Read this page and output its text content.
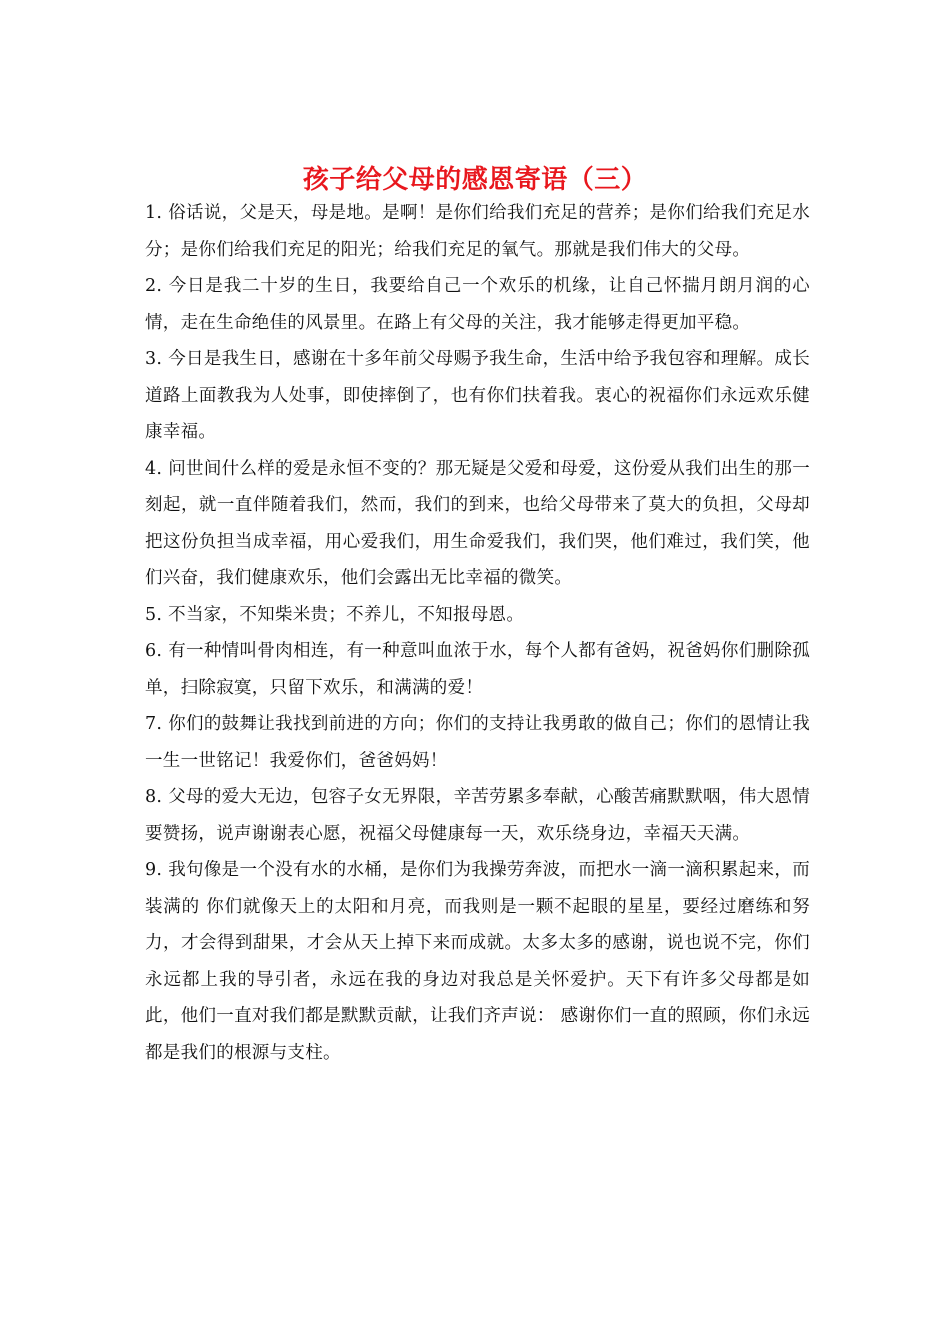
孩子给父母的感恩寄语（三）

1. 俗话说，父是天，母是地。是啊！是你们给我们充足的营养；是你们给我们充足水分；是你们给我们充足的阳光；给我们充足的氧气。那就是我们伟大的父母。

2. 今日是我二十岁的生日，我要给自己一个欢乐的机缘，让自己怀揣月朗月润的心情，走在生命绝佳的风景里。在路上有父母的关注，我才能够走得更加平稳。

3. 今日是我生日，感谢在十多年前父母赐予我生命，生活中给予我包容和理解。成长道路上面教我为人处事，即使摔倒了，也有你们扶着我。衷心的祝福你们永远欢乐健康幸福。

4. 问世间什么样的爱是永恒不变的？那无疑是父爱和母爱，这份爱从我们出生的那一刻起，就一直伴随着我们，然而，我们的到来，也给父母带来了莫大的负担，父母却把这份负担当成幸福，用心爱我们，用生命爱我们，我们哭，他们难过，我们笑，他们兴奋，我们健康欢乐，他们会露出无比幸福的微笑。

5. 不当家，不知柴米贵；不养儿，不知报母恩。

6. 有一种情叫骨肉相连，有一种意叫血浓于水，每个人都有爸妈，祝爸妈你们删除孤单，扫除寂寞，只留下欢乐，和满满的爱！

7. 你们的鼓舞让我找到前进的方向；你们的支持让我勇敢的做自己；你们的恩情让我一生一世铭记！我爱你们，爸爸妈妈！

8. 父母的爱大无边，包容子女无界限，辛苦劳累多奉献，心酸苦痛默默咽，伟大恩情要赞扬，说声谢谢表心愿，祝福父母健康每一天，欢乐绕身边，幸福天天满。

9. 我句像是一个没有水的水桶，是你们为我操劳奔波，而把水一滴一滴积累起来，而装满的 你们就像天上的太阳和月亮，而我则是一颗不起眼的星星，要经过磨练和努力，才会得到甜果，才会从天上掉下来而成就。太多太多的感谢，说也说不完，你们永远都上我的导引者，永远在我的身边对我总是关怀爱护。天下有许多父母都是如此，他们一直对我们都是默默贡献，让我们齐声说： 感谢你们一直的照顾，你们永远都是我们的根源与支柱。
